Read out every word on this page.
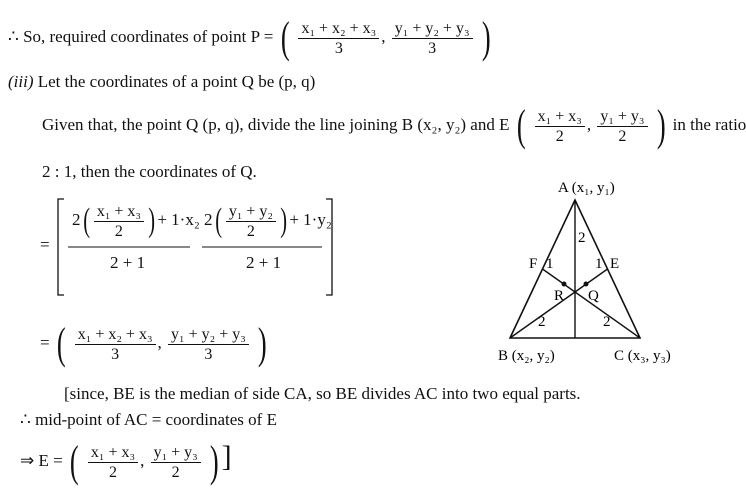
∴ So, required coordinates of point P = ( $\frac{\text{x₁ + x₂ + x₃}}{3}$ , $\frac{\text{y₁ + y₂ + y₃}}{3}$ )
(iii) Let the coordinates of a point Q be (p, q)
Given that, the point Q (p, q), divide the line joining B (x₂, y₂) and E ( $\frac{\text{x₁ + x₃}}{2}$ , $\frac{\text{y₁ + y₃}}{2}$ ) in the ratio
2 : 1, then the coordinates of Q.
=
$2( \frac{\text{x₁ + x₃}}{2}$ ) + 1·x₂
2 + 1
$2( \frac{\text{y₁ + y₂}}{2}$ ) + 1·y₂
2 + 1
= ( $\frac{\text{x₁ + x₂ + x₃}}{3}$ , $\frac{\text{y₁ + y₂ + y₃}}{3}$ )
[since, BE is the median of side CA, so BE divides AC into two equal parts.
∴ mid-point of AC = coordinates of E
⇒ E = ( $\frac{\text{x₁ + x₃}}{2}$ , $\frac{\text{y₁ + y₃}}{2}$ )]
A (x₁, y₁)
B (x₂, y₂)	C (x₃, y₃)
F	E
R Q
2
1	1
2	2
